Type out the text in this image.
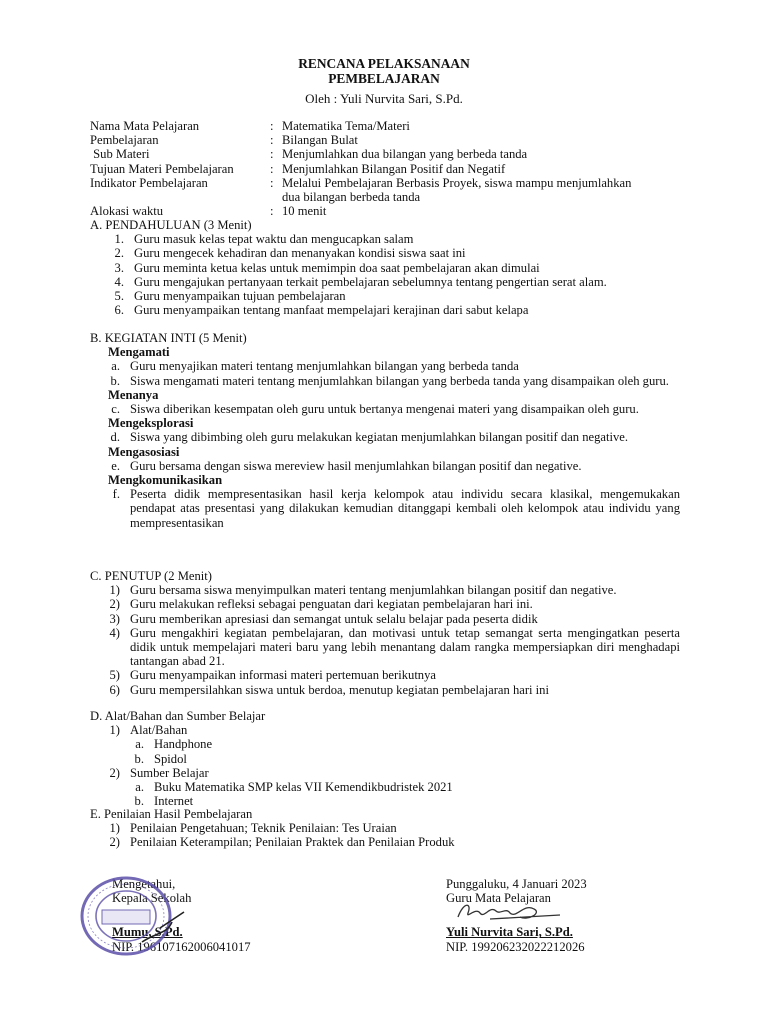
RENCANA PELAKSANAAN
PEMBELAJARAN
Oleh : Yuli Nurvita Sari, S.Pd.
Nama Mata Pelajaran	: Matematika Tema/Materi
Pembelajaran	: Bilangan Bulat
Sub Materi	: Menjumlahkan dua bilangan yang berbeda tanda
Tujuan Materi Pembelajaran	: Menjumlahkan Bilangan Positif dan Negatif
Indikator Pembelajaran	: Melalui Pembelajaran Berbasis Proyek, siswa mampu menjumlahkan dua bilangan berbeda tanda
Alokasi waktu	: 10 menit
A. PENDAHULUAN (3 Menit)
1. Guru masuk kelas tepat waktu dan mengucapkan salam
2. Guru mengecek kehadiran dan menanyakan kondisi siswa saat ini
3. Guru meminta ketua kelas untuk memimpin doa saat pembelajaran akan dimulai
4. Guru mengajukan pertanyaan terkait pembelajaran sebelumnya tentang pengertian serat alam.
5. Guru menyampaikan tujuan pembelajaran
6. Guru menyampaikan tentang manfaat mempelajari kerajinan dari sabut kelapa
B. KEGIATAN INTI (5 Menit)
Mengamati
a. Guru menyajikan materi tentang menjumlahkan bilangan yang berbeda tanda
b. Siswa mengamati materi tentang menjumlahkan bilangan yang berbeda tanda yang disampaikan oleh guru.
Menanya
c. Siswa diberikan kesempatan oleh guru untuk bertanya mengenai materi yang disampaikan oleh guru.
Mengeksplorasi
d. Siswa yang dibimbing oleh guru melakukan kegiatan menjumlahkan bilangan positif dan negative.
Mengasosiasi
e. Guru bersama dengan siswa mereview hasil menjumlahkan bilangan positif dan negative.
Mengkomunikasikan
f. Peserta didik mempresentasikan hasil kerja kelompok atau individu secara klasikal, mengemukakan pendapat atas presentasi yang dilakukan kemudian ditanggapi kembali oleh kelompok atau individu yang mempresentasikan
C. PENUTUP (2 Menit)
1) Guru bersama siswa menyimpulkan materi tentang menjumlahkan bilangan positif dan negative.
2) Guru melakukan refleksi sebagai penguatan dari kegiatan pembelajaran hari ini.
3) Guru memberikan apresiasi dan semangat untuk selalu belajar pada peserta didik
4) Guru mengakhiri kegiatan pembelajaran, dan motivasi untuk tetap semangat serta mengingatkan peserta didik untuk mempelajari materi baru yang lebih menantang dalam rangka mempersiapkan diri menghadapi tantangan abad 21.
5) Guru menyampaikan informasi materi pertemuan berikutnya
6) Guru mempersilahkan siswa untuk berdoa, menutup kegiatan pembelajaran hari ini
D. Alat/Bahan dan Sumber Belajar
1) Alat/Bahan
a. Handphone
b. Spidol
2) Sumber Belajar
a. Buku Matematika SMP kelas VII Kemendikbudristek 2021
b. Internet
E. Penilaian Hasil Pembelajaran
1) Penilaian Pengetahuan; Teknik Penilaian: Tes Uraian
2) Penilaian Keterampilan; Penilaian Praktek dan Penilaian Produk
Mengetahui,
Kepala Sekolah
Mumu, S.Pd.
NIP. 196107162006041017
Punggaluku, 4 Januari 2023
Guru Mata Pelajaran
Yuli Nurvita Sari, S.Pd.
NIP. 199206232022212026
